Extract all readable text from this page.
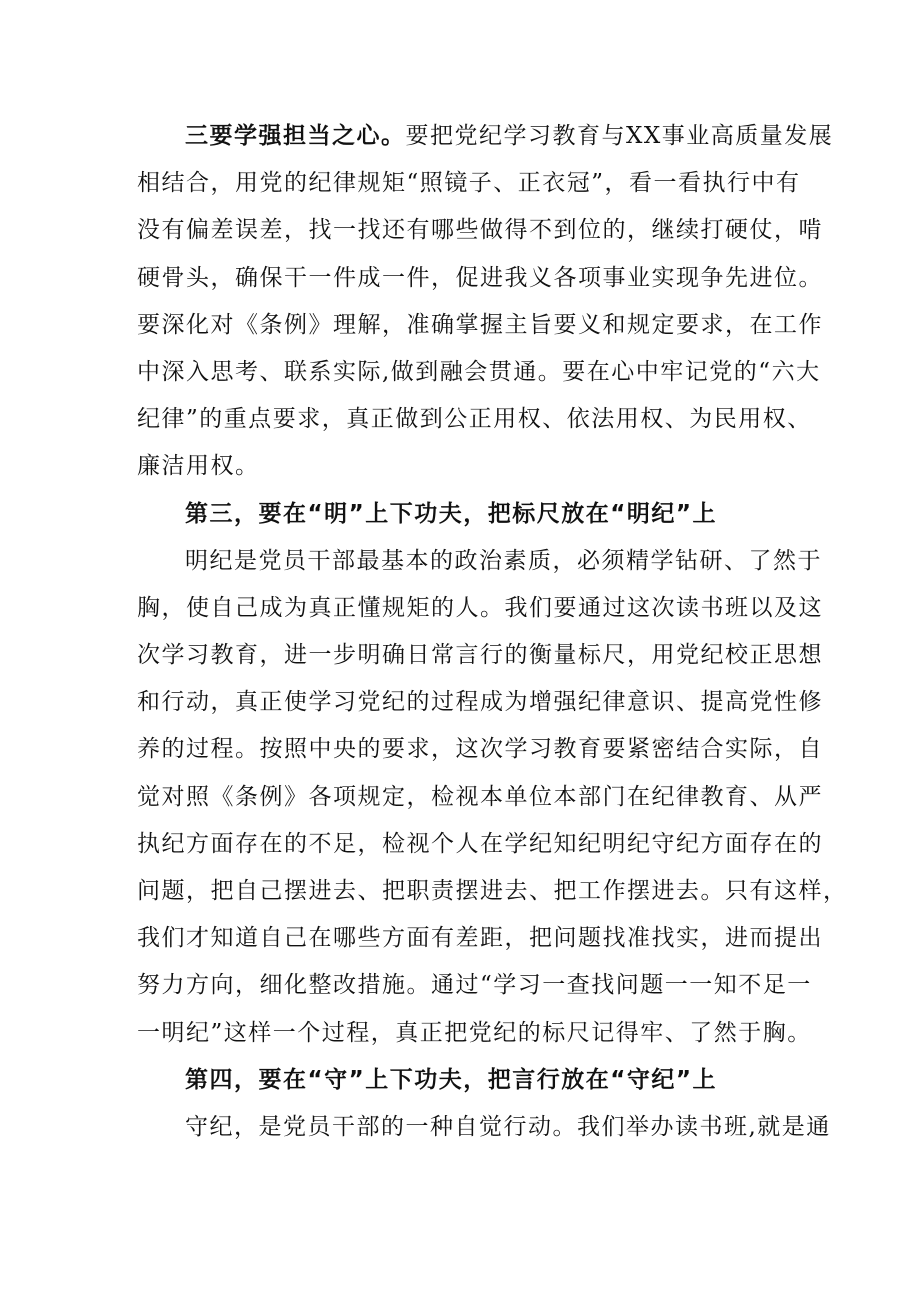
三要学强担当之心。要把党纪学习教育与XX事业高质量发展
相结合，用党的纪律规矩“照镜子、正衣冠”，看一看执行中有
没有偏差误差，找一找还有哪些做得不到位的，继续打硬仗，啃
硬骨头，确保干一件成一件，促进我义各项事业实现争先进位。
要深化对《条例》理解，准确掌握主旨要义和规定要求，在工作
中深入思考、联系实际,做到融会贯通。要在心中牢记党的“六大
纪律”的重点要求，真正做到公正用权、依法用权、为民用权、
廉洁用权。
第三，要在“明”上下功夫，把标尺放在“明纪”上
明纪是党员干部最基本的政治素质，必须精学钻研、了然于
胸，使自己成为真正懂规矩的人。我们要通过这次读书班以及这
次学习教育，进一步明确日常言行的衡量标尺，用党纪校正思想
和行动，真正使学习党纪的过程成为增强纪律意识、提高党性修
养的过程。按照中央的要求，这次学习教育要紧密结合实际，自
觉对照《条例》各项规定，检视本单位本部门在纪律教育、从严
执纪方面存在的不足，检视个人在学纪知纪明纪守纪方面存在的
问题，把自己摆进去、把职责摆进去、把工作摆进去。只有这样，
我们才知道自己在哪些方面有差距，把问题找准找实，进而提出
努力方向，细化整改措施。通过“学习一查找问题一一知不足一
一明纪”这样一个过程，真正把党纪的标尺记得牢、了然于胸。
第四，要在“守”上下功夫，把言行放在“守纪”上
守纪，是党员干部的一种自觉行动。我们举办读书班,就是通
